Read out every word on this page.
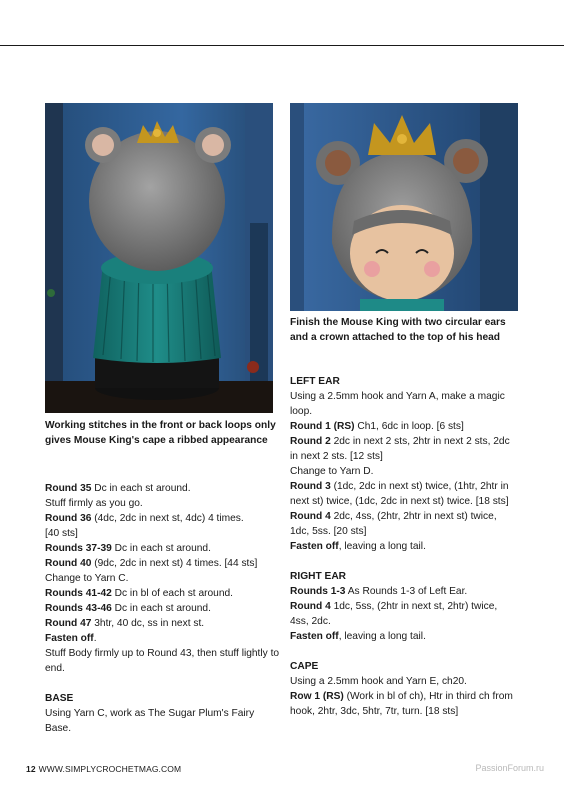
Finish the Mouse King with two circular ears and a crown attached to the top of his head

Working stitches in the front or back loops only gives Mouse King's cape a ribbed appearance

Round 35 Dc in each st around.

Stuff firmly as you go.

Round 36 (4dc, 2dc in next st, 4dc) 4 times.

[40 sts]

Rounds 37-39 Dc in each st around.

Round 40 (9dc, 2dc in next st) 4 times. [44 sts]

Change to Yarn C.

Rounds 41-42 Dc in bl of each st around.

Rounds 43-46 Dc in each st around.

Round 47 3htr, 40 dc, ss in next st.

Fasten off.

Stuff Body firmly up to Round 43, then stuff lightly to end.

BASE

Using Yarn C, work as The Sugar Plum's Fairy Base.

LEFT EAR

Using a 2.5mm hook and Yarn A, make a magic loop.

Round 1 (RS) Ch1, 6dc in loop. [6 sts]

Round 2 2dc in next 2 sts, 2htr in next 2 sts, 2dc in next 2 sts. [12 sts]

Change to Yarn D.

Round 3 (1dc, 2dc in next st) twice, (1htr, 2htr in next st) twice, (1dc, 2dc in next st) twice. [18 sts]

Round 4 2dc, 4ss, (2htr, 2htr in next st) twice, 1dc, 5ss. [20 sts]

Fasten off, leaving a long tail.

RIGHT EAR

Rounds 1-3 As Rounds 1-3 of Left Ear.

Round 4 1dc, 5ss, (2htr in next st, 2htr) twice, 4ss, 2dc.

Fasten off, leaving a long tail.

CAPE

Using a 2.5mm hook and Yarn E, ch20.

Row 1 (RS) (Work in bl of ch), Htr in third ch from hook, 2htr, 3dc, 5htr, 7tr, turn. [18 sts]

12 WWW.SIMPLYCROCHETMAG.COM	PassionForum.ru
